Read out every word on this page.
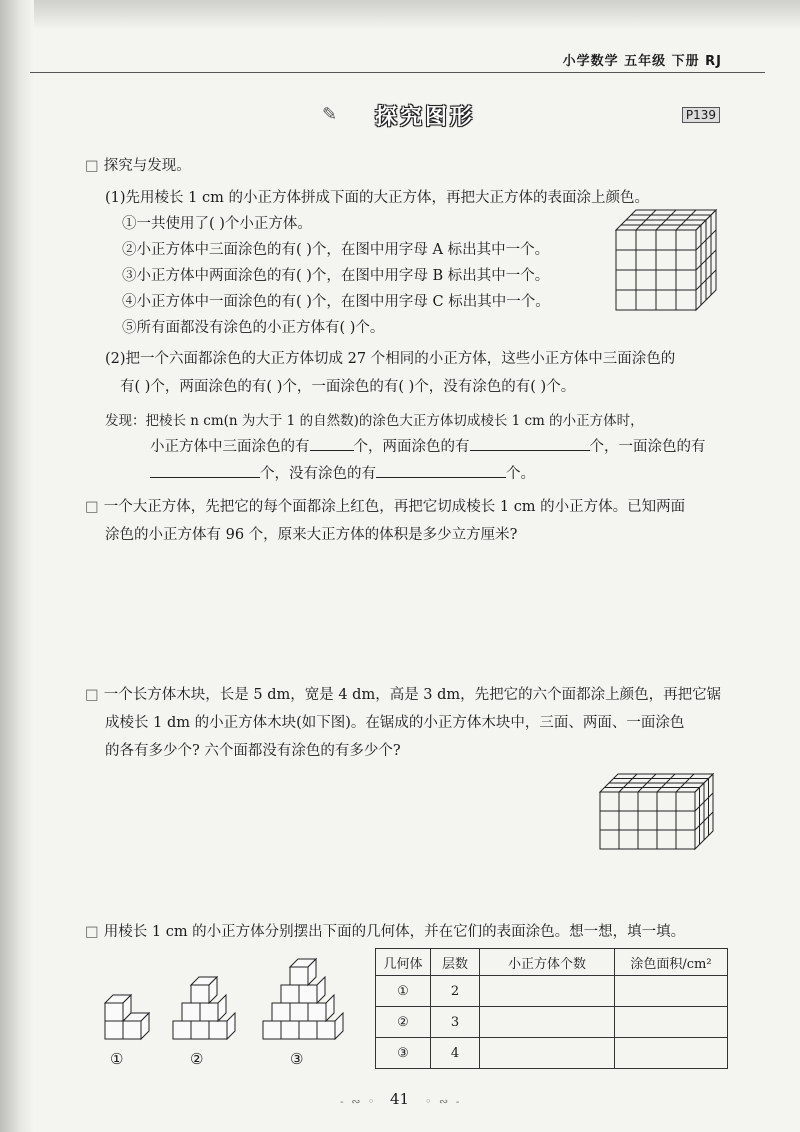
小学数学 五年级 下册 RJ
✎ 探究图形	P139
□ 探究与发现。
(1)先用棱长 1 cm 的小正方体拼成下面的大正方体，再把大正方体的表面涂上颜色。
①一共使用了( )个小正方体。
②小正方体中三面涂色的有( )个，在图中用字母 A 标出其中一个。
③小正方体中两面涂色的有( )个，在图中用字母 B 标出其中一个。
④小正方体中一面涂色的有( )个，在图中用字母 C 标出其中一个。
⑤所有面都没有涂色的小正方体有( )个。
(2)把一个六面都涂色的大正方体切成 27 个相同的小正方体，这些小正方体中三面涂色的
有( )个，两面涂色的有( )个，一面涂色的有( )个，没有涂色的有( )个。
发现：把棱长 n cm(n 为大于 1 的自然数)的涂色大正方体切成棱长 1 cm 的小正方体时，
小正方体中三面涂色的有	个，两面涂色的有	个，一面涂色的有
个，没有涂色的有	个。
□ 一个大正方体，先把它的每个面都涂上红色，再把它切成棱长 1 cm 的小正方体。已知两面
涂色的小正方体有 96 个，原来大正方体的体积是多少立方厘米?
□ 一个长方体木块，长是 5 dm，宽是 4 dm，高是 3 dm，先把它的六个面都涂上颜色，再把它锯
成棱长 1 dm 的小正方体木块(如下图)。在锯成的小正方体木块中，三面、两面、一面涂色
的各有多少个? 六个面都没有涂色的有多少个?
□ 用棱长 1 cm 的小正方体分别摆出下面的几何体，并在它们的表面涂色。想一想，填一填。
①	②	③
几何体	层数	小正方体个数	涂色面积/cm²
①	2		
②	3		
③	4		
- ∾ ◦ 41 ◦ ∾ -
